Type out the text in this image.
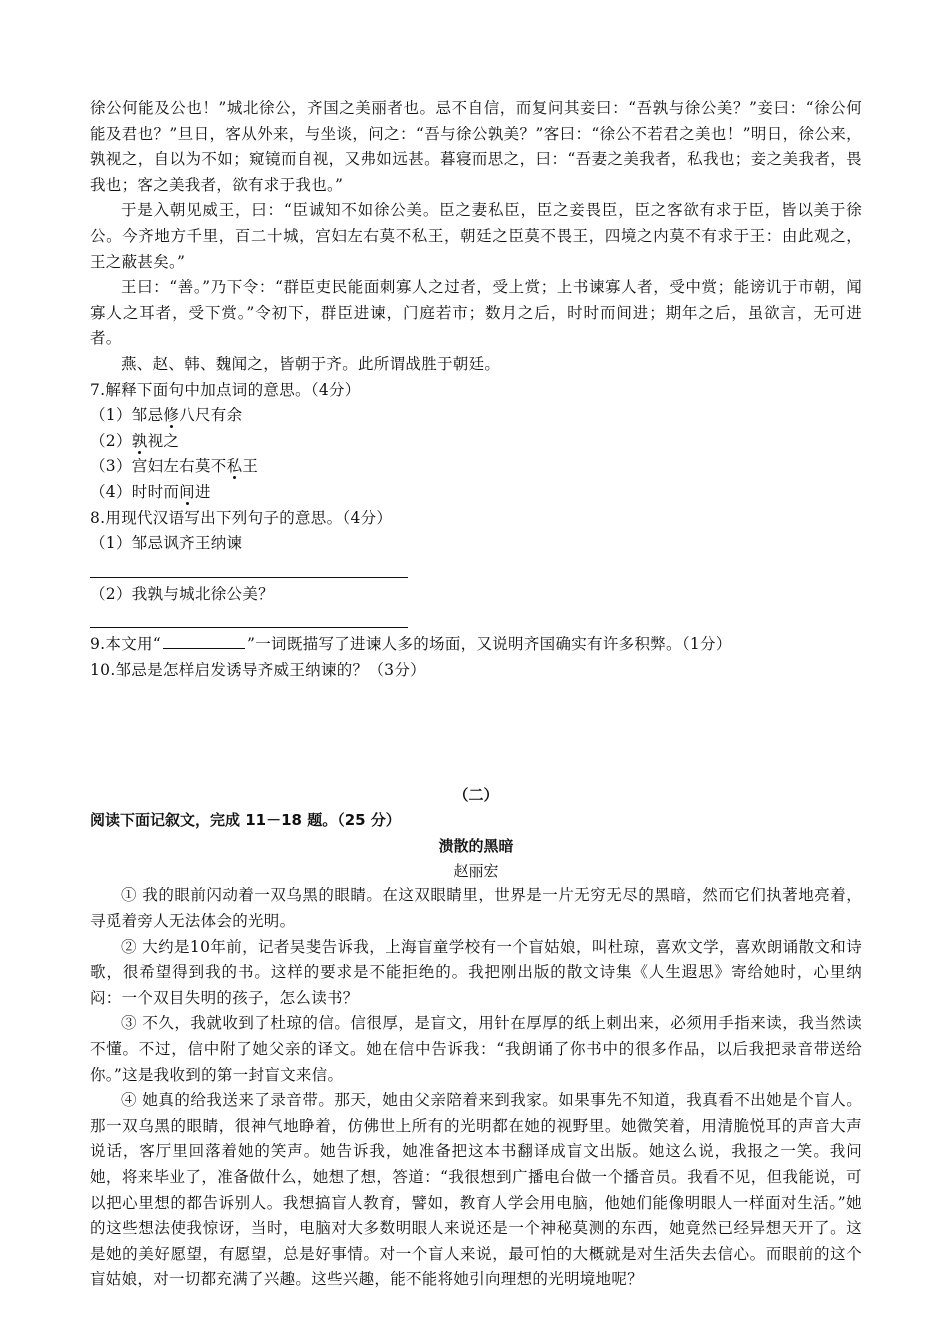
徐公何能及公也！”城北徐公，齐国之美丽者也。忌不自信，而复问其妾曰：“吾孰与徐公美？”妾曰：“徐公何能及君也？”旦日，客从外来，与坐谈，问之：“吾与徐公孰美？”客曰：“徐公不若君之美也！”明日，徐公来，孰视之，自以为不如；窥镜而自视，又弗如远甚。暮寝而思之，曰：“吾妻之美我者，私我也；妾之美我者，畏我也；客之美我者，欲有求于我也。”

于是入朝见威王，曰：“臣诚知不如徐公美。臣之妻私臣，臣之妾畏臣，臣之客欲有求于臣，皆以美于徐公。今齐地方千里，百二十城，宫妇左右莫不私王，朝廷之臣莫不畏王，四境之内莫不有求于王：由此观之，王之蔽甚矣。”

王曰：“善。”乃下令：“群臣吏民能面刺寡人之过者，受上赏；上书谏寡人者，受中赏；能谤讥于市朝，闻寡人之耳者，受下赏。”令初下，群臣进谏，门庭若市；数月之后，时时而间进；期年之后，虽欲言，无可进者。

燕、赵、韩、魏闻之，皆朝于齐。此所谓战胜于朝廷。

7.解释下面句中加点词的意思。（4分）

（1）邹忌修八尺有余

（2）孰视之

（3）宫妇左右莫不私王

（4）时时而间进

8.用现代汉语写出下列句子的意思。（4分）

（1）邹忌讽齐王纳谏

（2）我孰与城北徐公美？

9.本文用“	”一词既描写了进谏人多的场面，又说明齐国确实有许多积弊。（1分）

10.邹忌是怎样启发诱导齐威王纳谏的？（3分）

（二）

阅读下面记叙文，完成 11－18 题。（25 分）

溃散的黑暗

赵丽宏

① 我的眼前闪动着一双乌黑的眼睛。在这双眼睛里，世界是一片无穷无尽的黑暗，然而它们执著地亮着，寻觅着旁人无法体会的光明。

② 大约是10年前，记者吴斐告诉我，上海盲童学校有一个盲姑娘，叫杜琼，喜欢文学，喜欢朗诵散文和诗歌，很希望得到我的书。这样的要求是不能拒绝的。我把刚出版的散文诗集《人生遐思》寄给她时，心里纳闷：一个双目失明的孩子，怎么读书？

③ 不久，我就收到了杜琼的信。信很厚，是盲文，用针在厚厚的纸上刺出来，必须用手指来读，我当然读不懂。不过，信中附了她父亲的译文。她在信中告诉我：“我朗诵了你书中的很多作品，以后我把录音带送给你。”这是我收到的第一封盲文来信。

④ 她真的给我送来了录音带。那天，她由父亲陪着来到我家。如果事先不知道，我真看不出她是个盲人。那一双乌黑的眼睛，很神气地睁着，仿佛世上所有的光明都在她的视野里。她微笑着，用清脆悦耳的声音大声说话，客厅里回落着她的笑声。她告诉我，她准备把这本书翻译成盲文出版。她这么说，我报之一笑。我问她，将来毕业了，准备做什么，她想了想，答道：“我很想到广播电台做一个播音员。我看不见，但我能说，可以把心里想的都告诉别人。我想搞盲人教育，譬如，教育人学会用电脑，他她们能像明眼人一样面对生活。”她的这些想法使我惊讶，当时，电脑对大多数明眼人来说还是一个神秘莫测的东西，她竟然已经异想天开了。这是她的美好愿望，有愿望，总是好事情。对一个盲人来说，最可怕的大概就是对生活失去信心。而眼前的这个盲姑娘，对一切都充满了兴趣。这些兴趣，能不能将她引向理想的光明境地呢？
